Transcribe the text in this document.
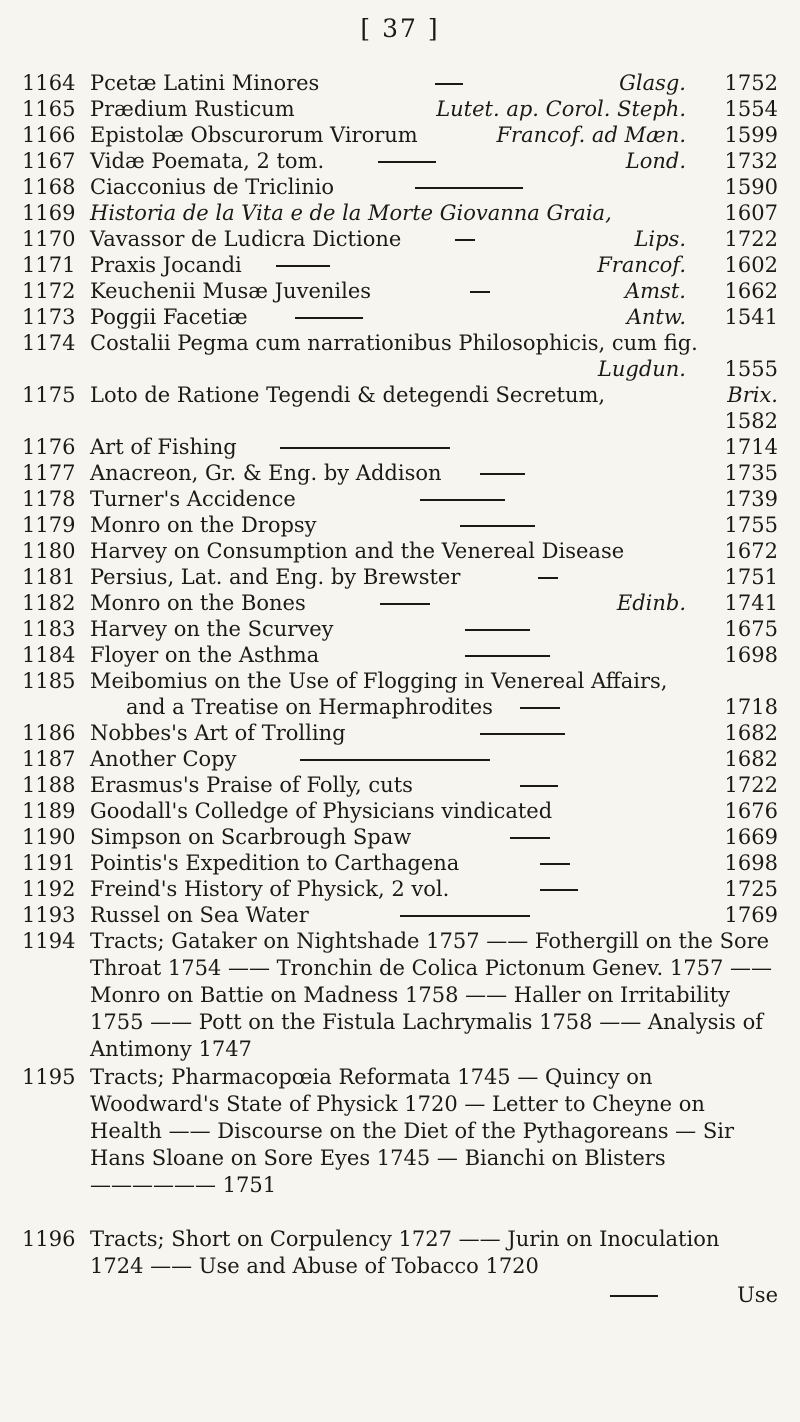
[ 37 ]
1164 Pcetæ Latini Minores	Glasg. 1752
1165 Prædium Rusticum	Lutet. ap. Corol. Steph. 1554
1166 Epistolæ Obscurorum Virorum	Francof. ad Mæn. 1599
1167 Vidæ Poemata, 2 tom.	Lond. 1732
1168 Ciacconius de Triclinio	1590
1169 Historia de la Vita e de la Morte Giovanna Graia,	1607
1170 Vavassor de Ludicra Dictione	Lips. 1722
1171 Praxis Jocandi	Francof. 1602
1172 Keuchenii Musæ Juveniles	Amst. 1662
1173 Poggii Facetiæ	Antw. 1541
1174 Costalii Pegma cum narrationibus Philosophicis, cum fig.
Lugdun. 1555
1175 Loto de Ratione Tegendi & detegendi Secretum,	Brix.
1582
1176 Art of Fishing	1714
1177 Anacreon, Gr. & Eng. by Addison	1735
1178 Turner's Accidence	1739
1179 Monro on the Dropsy	1755
1180 Harvey on Consumption and the Venereal Disease	1672
1181 Persius, Lat. and Eng. by Brewster	1751
1182 Monro on the Bones	Edinb. 1741
1183 Harvey on the Scurvey	1675
1184 Floyer on the Asthma	1698
1185 Meibomius on the Use of Flogging in Venereal Affairs,
and a Treatise on Hermaphrodites	1718
1186 Nobbes's Art of Trolling	1682
1187 Another Copy	1682
1188 Erasmus's Praise of Folly, cuts	1722
1189 Goodall's Colledge of Physicians vindicated	1676
1190 Simpson on Scarbrough Spaw	1669
1191 Pointis's Expedition to Carthagena	1698
1192 Freind's History of Physick, 2 vol.	1725
1193 Russel on Sea Water	1769
1194 Tracts; Gataker on Nightshade 1757 —— Fothergill on the Sore Throat 1754 —— Tronchin de Colica Pictonum Genev. 1757 —— Monro on Battie on Madness 1758 —— Haller on Irritability 1755 —— Pott on the Fistula Lachrymalis 1758 —— Analysis of Antimony 1747
1195 Tracts; Pharmacopœia Reformata 1745 — Quincy on Woodward's State of Physick 1720 — Letter to Cheyne on Health —— Discourse on the Diet of the Pythagoreans — Sir Hans Sloane on Sore Eyes 1745 — Bianchi on Blisters —————— 1751
1196 Tracts; Short on Corpulency 1727 —— Jurin on Inoculation 1724 —— Use and Abuse of Tobacco 1720
Use
